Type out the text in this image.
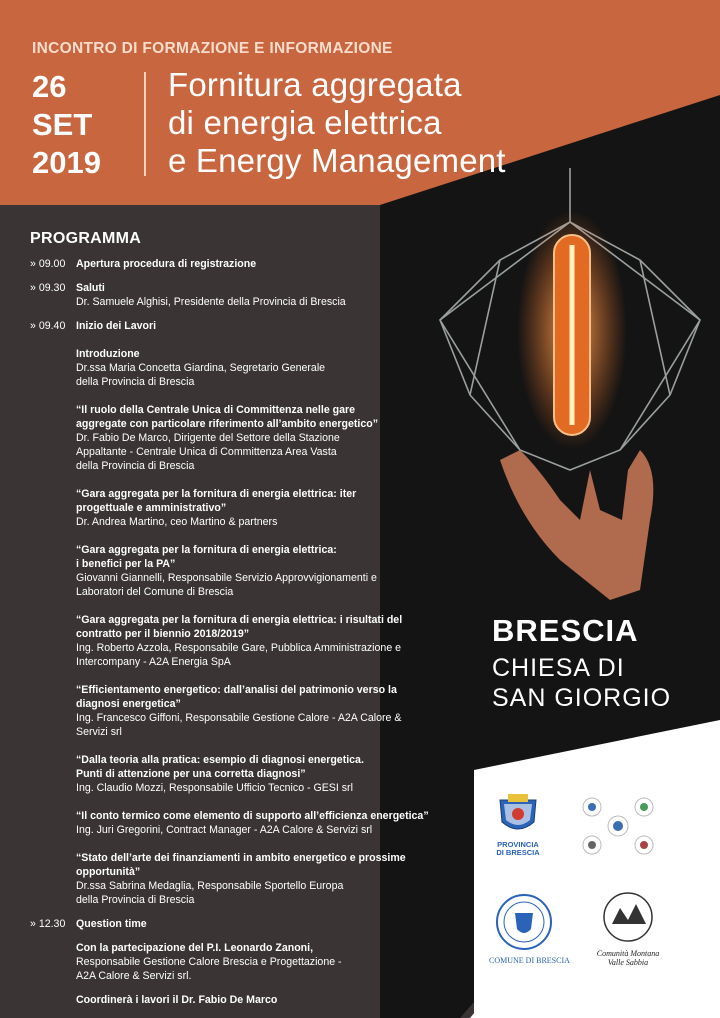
INCONTRO DI FORMAZIONE E INFORMAZIONE
26
SET
2019
Fornitura aggregata
di energia elettrica
e Energy Management
PROGRAMMA
» 09.00	Apertura procedura di registrazione
» 09.30	Saluti
Dr. Samuele Alghisi, Presidente della Provincia di Brescia
» 09.40	Inizio dei Lavori
Introduzione
Dr.ssa Maria Concetta Giardina, Segretario Generale
della Provincia di Brescia
“Il ruolo della Centrale Unica di Committenza nelle gare
aggregate con particolare riferimento all’ambito energetico”
Dr. Fabio De Marco, Dirigente del Settore della Stazione
Appaltante - Centrale Unica di Committenza Area Vasta
della Provincia di Brescia
“Gara aggregata per la fornitura di energia elettrica: iter
progettuale e amministrativo”
Dr. Andrea Martino, ceo Martino & partners
“Gara aggregata per la fornitura di energia elettrica:
i benefici per la PA”
Giovanni Giannelli, Responsabile Servizio Approvvigionamenti e
Laboratori del Comune di Brescia
“Gara aggregata per la fornitura di energia elettrica: i risultati del
contratto per il biennio 2018/2019”
Ing. Roberto Azzola, Responsabile Gare, Pubblica Amministrazione e
Intercompany - A2A Energia SpA
“Efficientamento energetico: dall’analisi del patrimonio verso la
diagnosi energetica”
Ing. Francesco Giffoni, Responsabile Gestione Calore - A2A Calore &
Servizi srl
“Dalla teoria alla pratica: esempio di diagnosi energetica.
Punti di attenzione per una corretta diagnosi”
Ing. Claudio Mozzi, Responsabile Ufficio Tecnico - GESI srl
“Il conto termico come elemento di supporto all’efficienza energetica”
Ing. Juri Gregorini, Contract Manager - A2A Calore & Servizi srl
“Stato dell’arte dei finanziamenti in ambito energetico e prossime
opportunità”
Dr.ssa Sabrina Medaglia, Responsabile Sportello Europa
della Provincia di Brescia
» 12.30	Question time
Con la partecipazione del P.I. Leonardo Zanoni,
Responsabile Gestione Calore Brescia e Progettazione -
A2A Calore & Servizi srl.
Coordinerà i lavori il Dr. Fabio De Marco
BRESCIA
CHIESA DI
SAN GIORGIO
PROVINCIA
DI BRESCIA
COMUNE DI BRESCIA
Comunità Montana
Valle Sabbia
